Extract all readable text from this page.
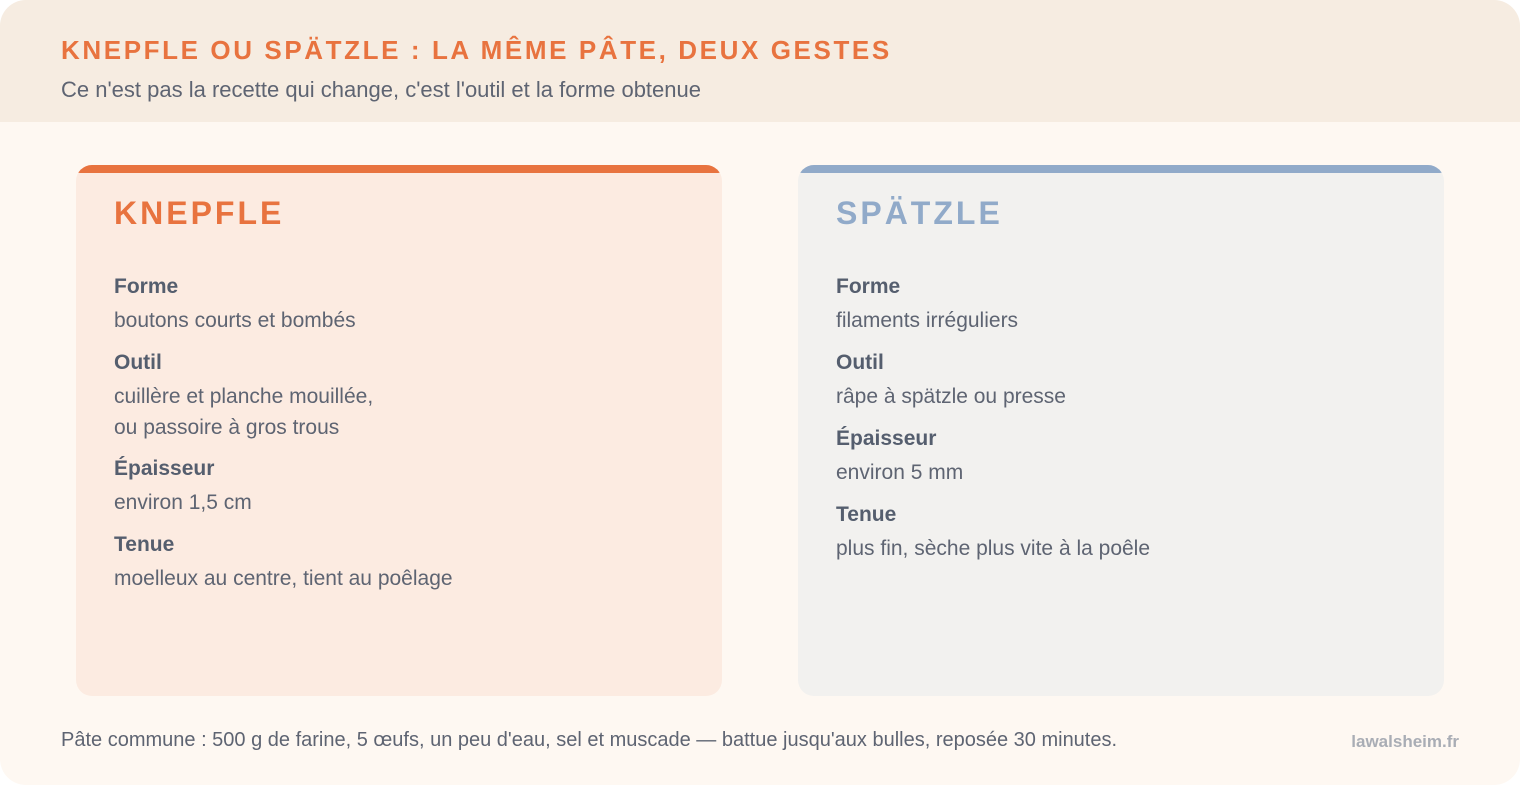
KNEPFLE OU SPÄTZLE : LA MÊME PÂTE, DEUX GESTES
Ce n'est pas la recette qui change, c'est l'outil et la forme obtenue
KNEPFLE
Forme
boutons courts et bombés
Outil
cuillère et planche mouillée,
ou passoire à gros trous
Épaisseur
environ 1,5 cm
Tenue
moelleux au centre, tient au poêlage
SPÄTZLE
Forme
filaments irréguliers
Outil
râpe à spätzle ou presse
Épaisseur
environ 5 mm
Tenue
plus fin, sèche plus vite à la poêle
Pâte commune : 500 g de farine, 5 œufs, un peu d'eau, sel et muscade — battue jusqu'aux bulles, reposée 30 minutes.	lawalsheim.fr
